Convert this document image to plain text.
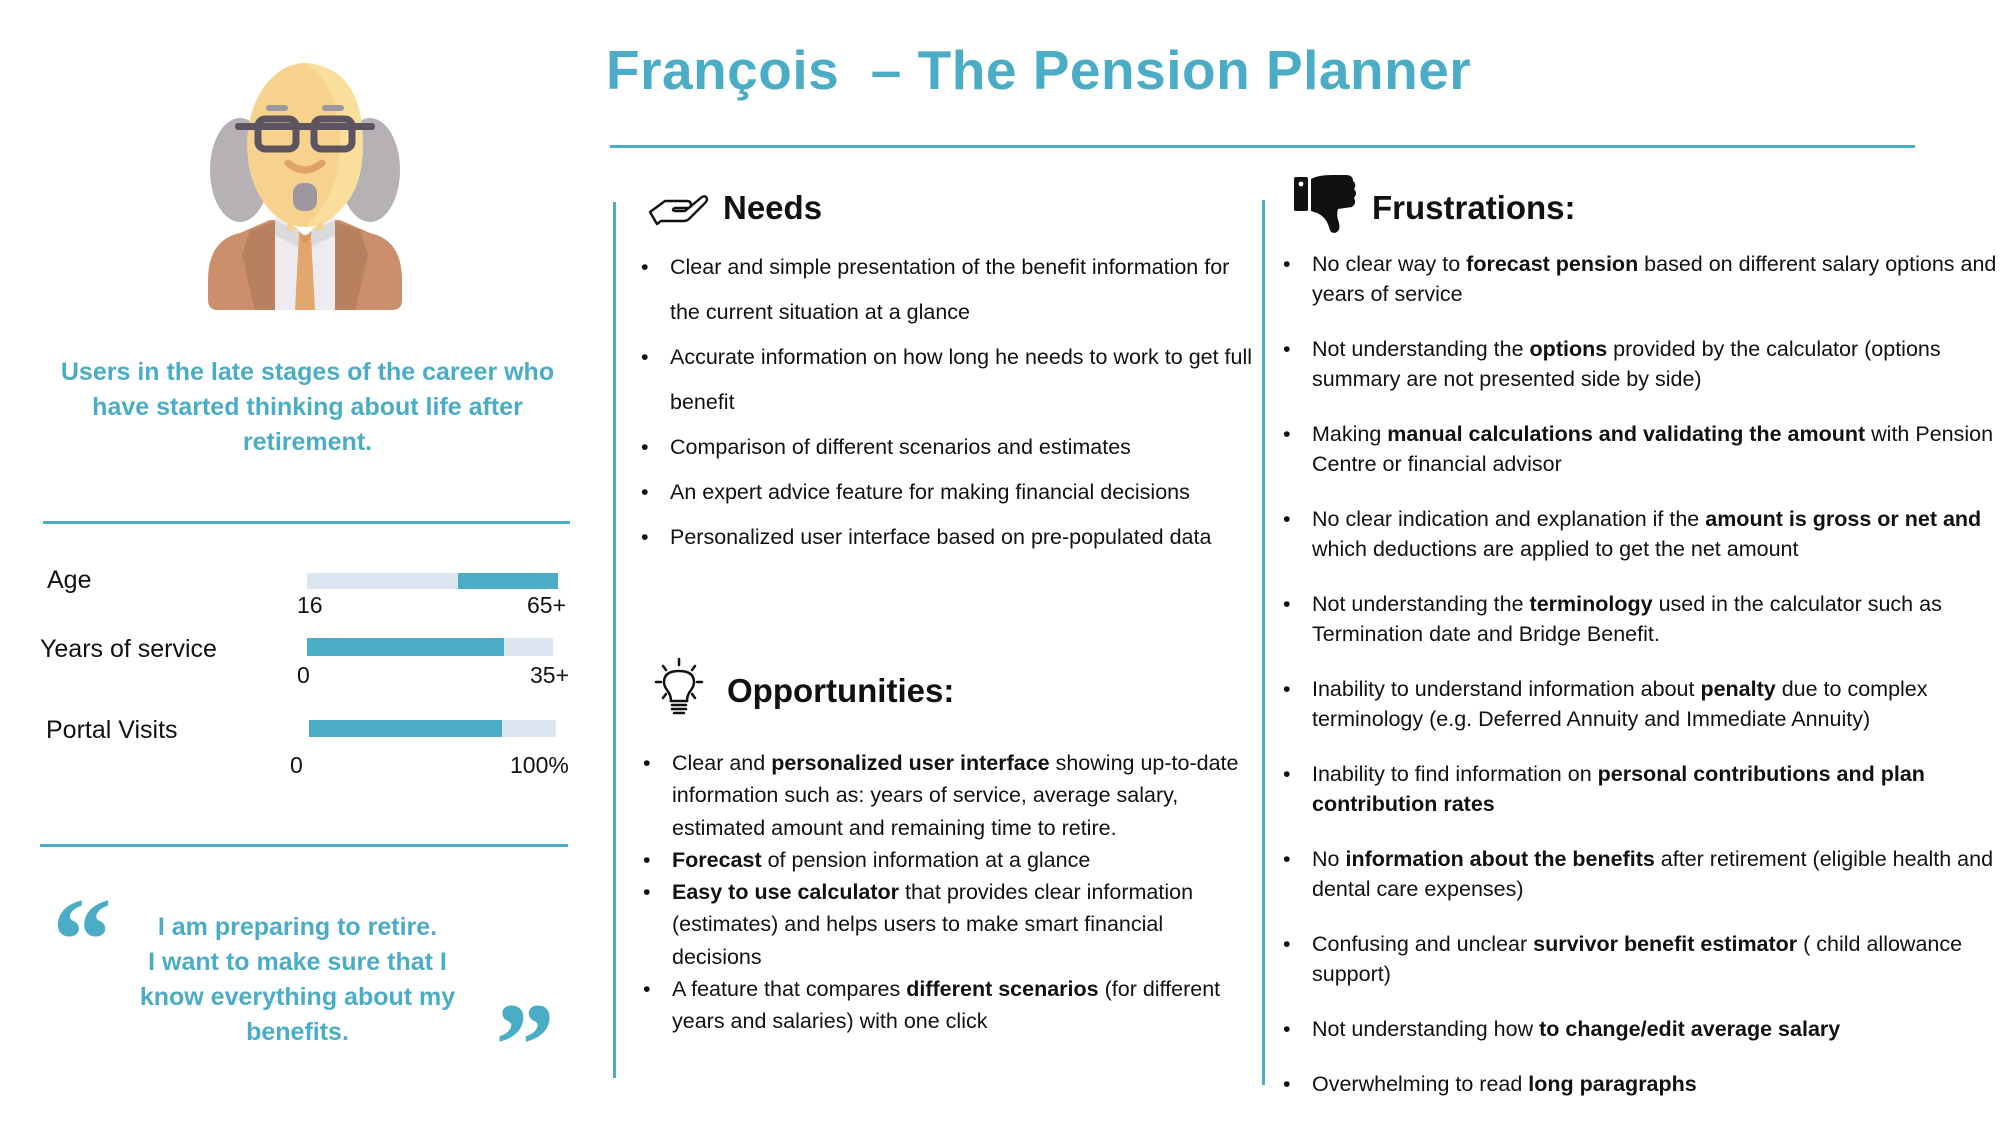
Users in the late stages of the career who have started thinking about life after retirement.
Age
16	65+
Years of service
0	35+
Portal Visits
0	100%
“	I am preparing to retire.
I want to make sure that I
know everything about my
benefits.	”
François  – The Pension Planner
Needs
• Clear and simple presentation of the benefit information for the current situation at a glance
• Accurate information on how long he needs to work to get full benefit
• Comparison of different scenarios and estimates
• An expert advice feature for making financial decisions
• Personalized user interface based on pre-populated data
Opportunities:
• Clear and personalized user interface showing up-to-date information such as: years of service, average salary, estimated amount and remaining time to retire.
• Forecast of pension information at a glance
• Easy to use calculator that provides clear information (estimates) and helps users to make smart financial decisions
• A feature that compares different scenarios (for different years and salaries) with one click
Frustrations:
• No clear way to forecast pension based on different salary options and years of service
• Not understanding the options provided by the calculator (options summary are not presented side by side)
• Making manual calculations and validating the amount with Pension Centre or financial advisor
• No clear indication and explanation if the amount is gross or net and which deductions are applied to get the net amount
• Not understanding the terminology used in the calculator such as Termination date and Bridge Benefit.
• Inability to understand information about penalty due to complex terminology (e.g. Deferred Annuity and Immediate Annuity)
• Inability to find information on personal contributions and plan contribution rates
• No information about the benefits after retirement (eligible health and dental care expenses)
• Confusing and unclear survivor benefit estimator ( child allowance support)
• Not understanding how to change/edit average salary
• Overwhelming to read long paragraphs
